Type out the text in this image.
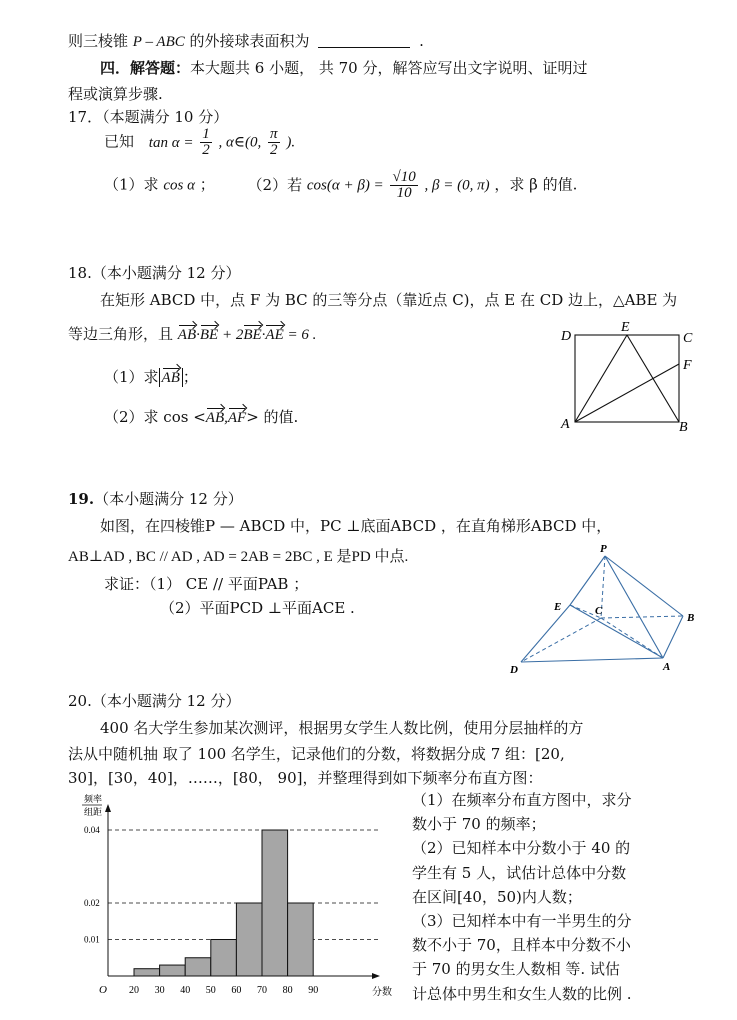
则三棱锥 P – ABC 的外接球表面积为	.
四．解答题：本大题共 6 小题， 共 70 分，解答应写出文字说明、证明过
程或演算步骤.
17．（本题满分 10 分）
已知 $\tan \alpha = \frac{1}{2}$ , α∈(0, $\frac{\pi}{2}$ ).
（1）求 cos α ； （2）若 $\cos(\alpha + \beta) = \frac{√10}{10}$ , β = (0, π) ，求 β 的值.
18.（本小题满分 12 分）
在矩形 ABCD 中，点 F 为 BC 的三等分点（靠近点 C)，点 E 在 CD 边上，△ABE 为
等边三角形，且 AB·BE + 2BE·AE = 6 .
（1）求 AB ；
（2）求 cos <AB,AF> 的值.
D
E
C
F
A	B
19.（本小题满分 12 分）
如图，在四棱锥P — ABCD 中，PC ⊥底面ABCD ，在直角梯形ABCD 中，
AB⊥AD , BC // AD , AD = 2AB = 2BC , E 是PD 中点.
求证：（1） CE // 平面PAB ；
（2）平面PCD ⊥平面ACE .
P
E	C
B
D	A
20.（本小题满分 12 分）
400 名大学生参加某次测评，根据男女学生人数比例，使用分层抽样的方
法从中随机抽 取了 100 名学生，记录他们的分数，将数据分成 7 组：[20,
30]，[30，40]，……，[80， 90]，并整理得到如下频率分布直方图：
（1）在频率分布直方图中，求分
数小于 70 的频率；
（2）已知样本中分数小于 40 的
学生有 5 人，试估计总体中分数
在区间[40，50)内人数；
（3）已知样本中有一半男生的分
数不小于 70，且样本中分数不小
于 70 的男女生人数相 等. 试估
计总体中男生和女生人数的比例 .
频率
组距
O	分数
0.04
0.02
0.01
20 30 40 50 60 70 80 90
